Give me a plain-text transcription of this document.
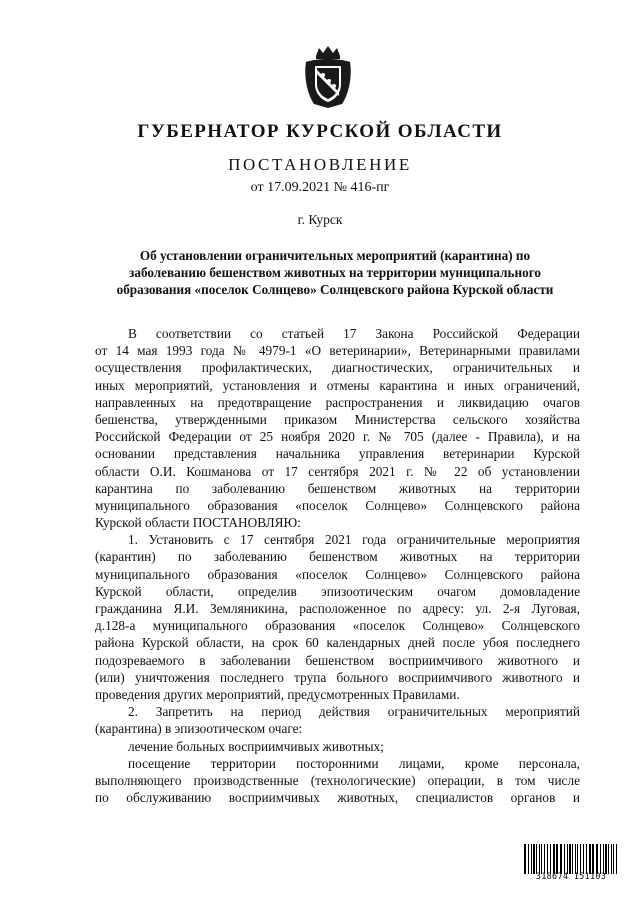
ГУБЕРНАТОР КУРСКОЙ ОБЛАСТИ
ПОСТАНОВЛЕНИЕ
от 17.09.2021 № 416-пг
г. Курск
Об установлении ограничительных мероприятий (карантина) по
заболеванию бешенством животных на территории муниципального
образования «поселок Солнцево» Солнцевского района Курской области
В соответствии со статьей 17 Закона Российской Федерации
от 14 мая 1993 года № 4979-1 «О ветеринарии», Ветеринарными правилами
осуществления профилактических, диагностических, ограничительных и
иных мероприятий, установления и отмены карантина и иных ограничений,
направленных на предотвращение распространения и ликвидацию очагов
бешенства, утвержденными приказом Министерства сельского хозяйства
Российской Федерации от 25 ноября 2020 г. № 705 (далее - Правила), и на
основании представления начальника управления ветеринарии Курской
области О.И. Кошманова от 17 сентября 2021 г. № 22 об установлении
карантина по заболеванию бешенством животных на территории
муниципального образования «поселок Солнцево» Солнцевского района
Курской области ПОСТАНОВЛЯЮ:
1. Установить с 17 сентября 2021 года ограничительные мероприятия
(карантин) по заболеванию бешенством животных на территории
муниципального образования «поселок Солнцево» Солнцевского района
Курской области, определив эпизоотическим очагом домовладение
гражданина Я.И. Земляникина, расположенное по адресу: ул. 2-я Луговая,
д.128-а муниципального образования «поселок Солнцево» Солнцевского
района Курской области, на срок 60 календарных дней после убоя последнего
подозреваемого в заболевании бешенством восприимчивого животного и
(или) уничтожения последнего трупа больного восприимчивого животного и
проведения других мероприятий, предусмотренных Правилами.
2. Запретить на период действия ограничительных мероприятий
(карантина) в эпизоотическом очаге:
лечение больных восприимчивых животных;
посещение территории посторонними лицами, кроме персонала,
выполняющего производственные (технологические) операции, в том числе
по обслуживанию восприимчивых животных, специалистов органов и
318674 151103
